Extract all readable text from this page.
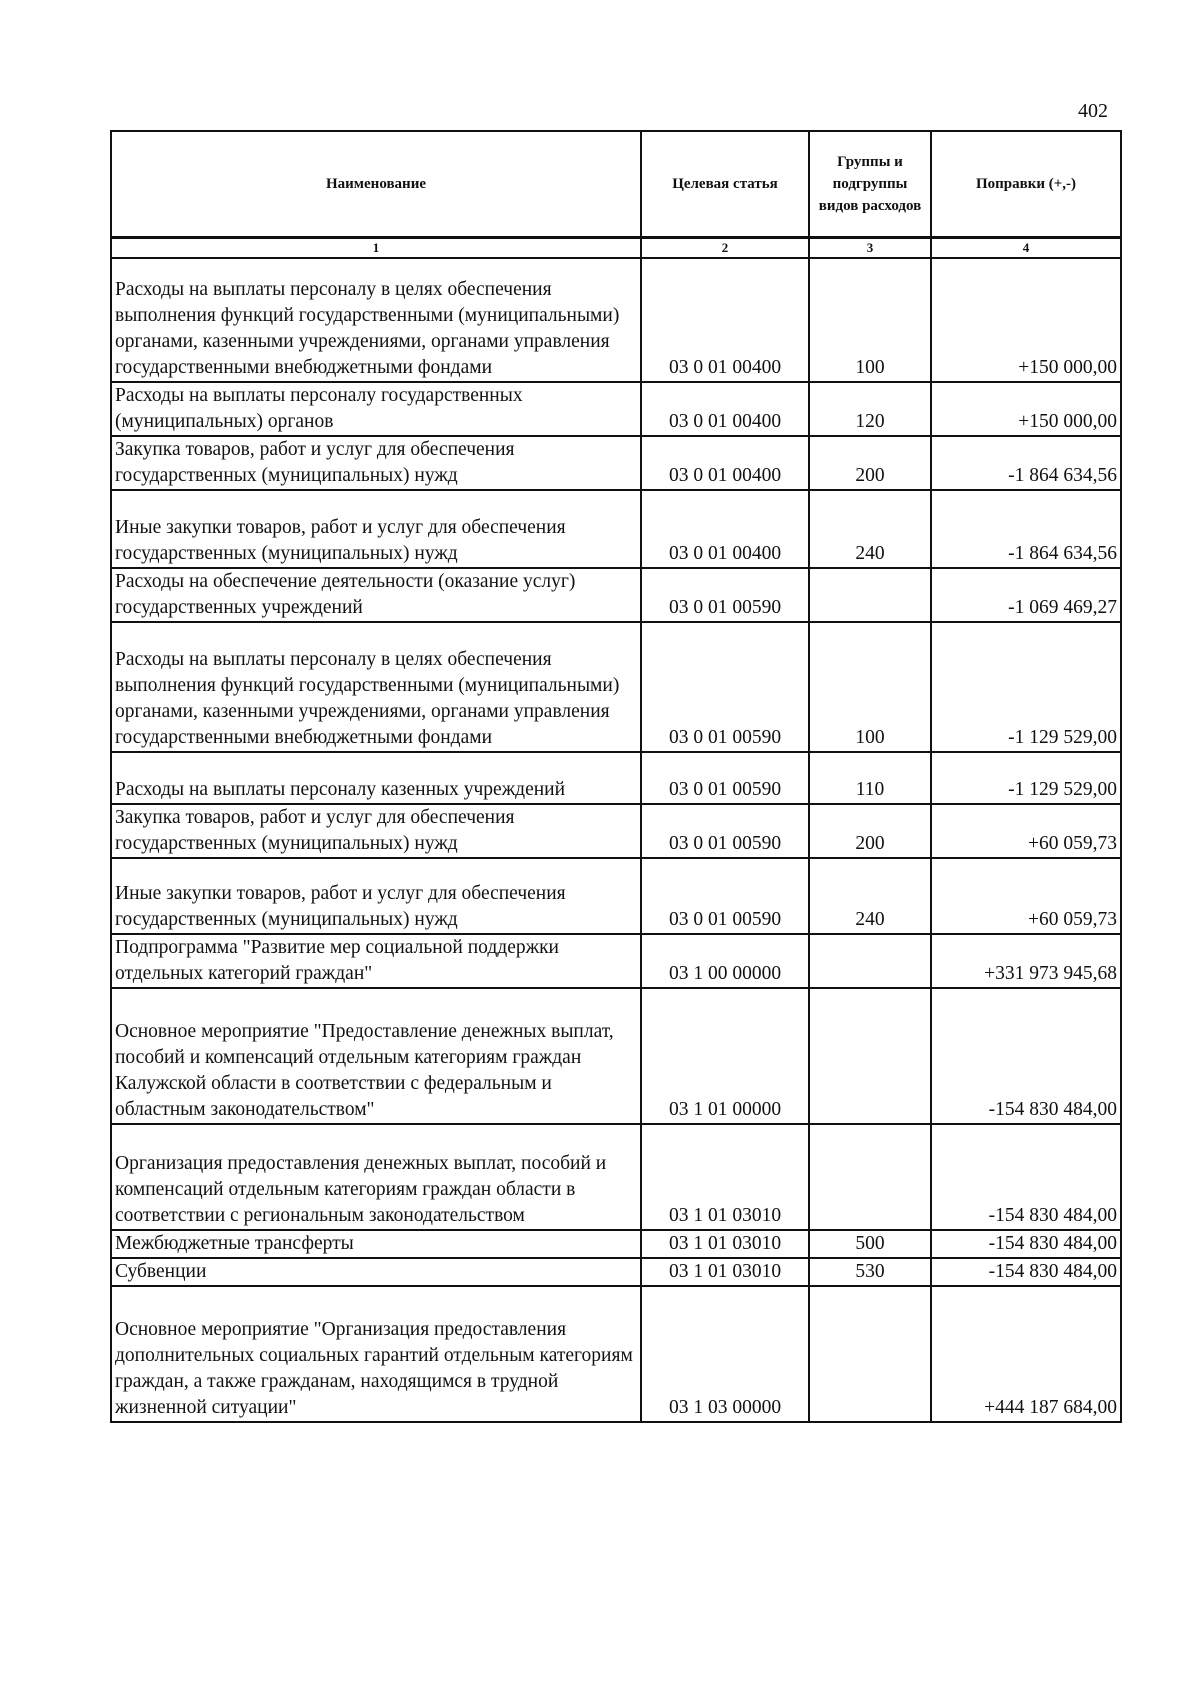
402
Наименование	Целевая статья	Группы и подгруппы видов расходов	Поправки (+,-)
1	2	3	4
Расходы на выплаты персоналу в целях обеспечения выполнения функций государственными (муниципальными) органами, казенными учреждениями, органами управления государственными внебюджетными фондами	03 0 01 00400	100	+150 000,00
Расходы на выплаты персоналу государственных (муниципальных) органов	03 0 01 00400	120	+150 000,00
Закупка товаров, работ и услуг для обеспечения государственных (муниципальных) нужд	03 0 01 00400	200	-1 864 634,56
Иные закупки товаров, работ и услуг для обеспечения государственных (муниципальных) нужд	03 0 01 00400	240	-1 864 634,56
Расходы на обеспечение деятельности (оказание услуг) государственных учреждений	03 0 01 00590		-1 069 469,27
Расходы на выплаты персоналу в целях обеспечения выполнения функций государственными (муниципальными) органами, казенными учреждениями, органами управления государственными внебюджетными фондами	03 0 01 00590	100	-1 129 529,00
Расходы на выплаты персоналу казенных учреждений	03 0 01 00590	110	-1 129 529,00
Закупка товаров, работ и услуг для обеспечения государственных (муниципальных) нужд	03 0 01 00590	200	+60 059,73
Иные закупки товаров, работ и услуг для обеспечения государственных (муниципальных) нужд	03 0 01 00590	240	+60 059,73
Подпрограмма "Развитие мер социальной поддержки отдельных категорий граждан"	03 1 00 00000		+331 973 945,68
Основное мероприятие "Предоставление денежных выплат, пособий и компенсаций отдельным категориям граждан Калужской области в соответствии с федеральным и областным законодательством"	03 1 01 00000		-154 830 484,00
Организация предоставления денежных выплат, пособий и компенсаций отдельным категориям граждан области в соответствии с региональным законодательством	03 1 01 03010		-154 830 484,00
Межбюджетные трансферты	03 1 01 03010	500	-154 830 484,00
Субвенции	03 1 01 03010	530	-154 830 484,00
Основное мероприятие "Организация предоставления дополнительных социальных гарантий отдельным категориям граждан, а также гражданам, находящимся в трудной жизненной ситуации"	03 1 03 00000		+444 187 684,00
